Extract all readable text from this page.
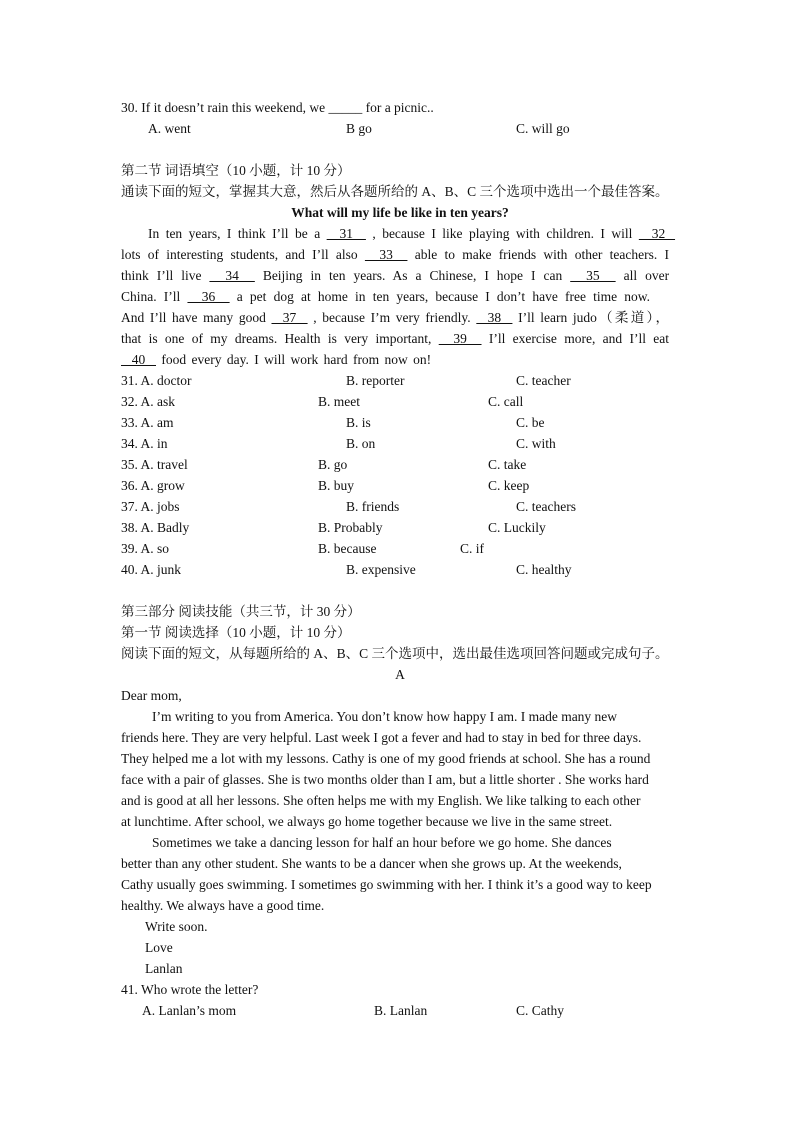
30. If it doesn’t rain this weekend, we _____ for a picnic..
A. went	B go	C. will go
第二节 词语填空（10 小题，计 10 分）
通读下面的短文，掌握其大意，然后从各题所给的 A、B、C 三个选项中选出一个最佳答案。
What will my life be like in ten years?
In ten years, I think I’ll be a   31   , because I like playing with children. I will   32
lots of interesting students, and I’ll also   33   able to make friends with other teachers. I
think I’ll live   34   Beijing in ten years. As a Chinese, I hope I can   35   all over
China. I’ll   36   a pet dog at home in ten years, because I don’t have free time now.
And I’ll have many good   37   , because I’m very friendly.   38   I’ll learn judo（柔道），
that is one of my dreams. Health is very important,   39   I’ll exercise more, and I’ll eat
40   food every day. I will work hard from now on!
31. A. doctor	B. reporter	C. teacher
32. A. ask	B. meet	C. call
33. A. am	B. is	C. be
34. A. in	B. on	C. with
35. A. travel	B. go	C. take
36. A. grow	B. buy	C. keep
37. A. jobs	B. friends	C. teachers
38. A. Badly	B. Probably	C. Luckily
39. A. so	B. because	C. if
40. A. junk	B. expensive	C. healthy
第三部分 阅读技能（共三节，计 30 分）
第一节 阅读选择（10 小题，计 10 分）
阅读下面的短文，从每题所给的 A、B、C 三个选项中，选出最佳选项回答问题或完成句子。
A
Dear mom,
I’m writing to you from America. You don’t know how happy I am. I made many new
friends here. They are very helpful. Last week I got a fever and had to stay in bed for three days.
They helped me a lot with my lessons. Cathy is one of my good friends at school. She has a round
face with a pair of glasses. She is two months older than I am, but a little shorter . She works hard
and is good at all her lessons. She often helps me with my English. We like talking to each other
at lunchtime. After school, we always go home together because we live in the same street.
Sometimes we take a dancing lesson for half an hour before we go home. She dances
better than any other student. She wants to be a dancer when she grows up. At the weekends,
Cathy usually goes swimming. I sometimes go swimming with her. I think it’s a good way to keep
healthy. We always have a good time.
Write soon.
Love
Lanlan
41. Who wrote the letter?
A. Lanlan’s mom	B. Lanlan	C. Cathy
